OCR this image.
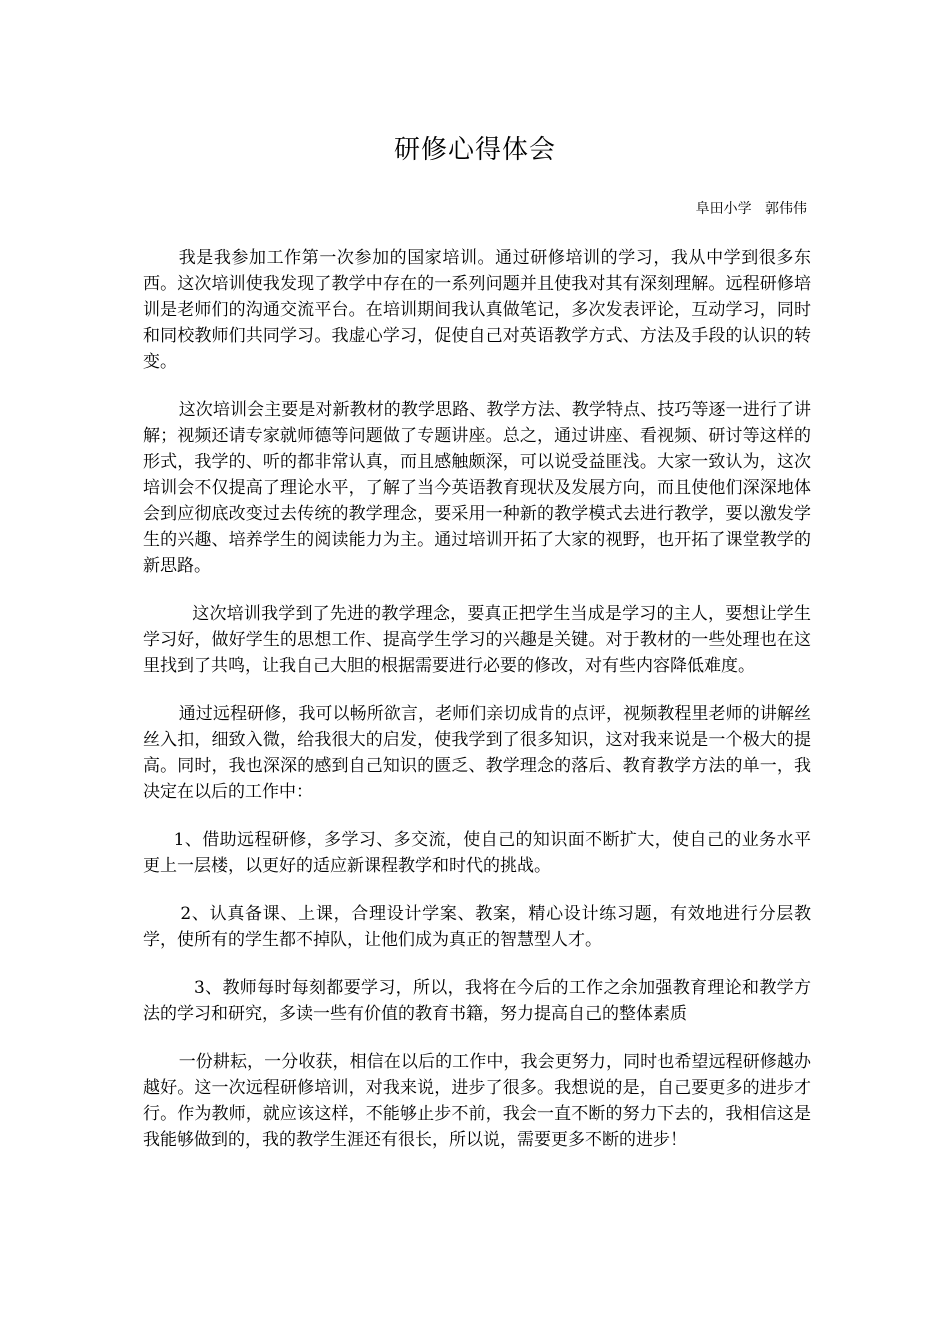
研修心得体会
阜田小学   郭伟伟

我是我参加工作第一次参加的国家培训。通过研修培训的学习，我从中学到很多东西。这次培训使我发现了教学中存在的一系列问题并且使我对其有深刻理解。远程研修培训是老师们的沟通交流平台。在培训期间我认真做笔记，多次发表评论，互动学习，同时和同校教师们共同学习。我虚心学习，促使自己对英语教学方式、方法及手段的认识的转变。

这次培训会主要是对新教材的教学思路、教学方法、教学特点、技巧等逐一进行了讲解；视频还请专家就师德等问题做了专题讲座。总之，通过讲座、看视频、研讨等这样的形式，我学的、听的都非常认真，而且感触颇深，可以说受益匪浅。大家一致认为，这次培训会不仅提高了理论水平，了解了当今英语教育现状及发展方向，而且使他们深深地体会到应彻底改变过去传统的教学理念，要采用一种新的教学模式去进行教学，要以激发学生的兴趣、培养学生的阅读能力为主。通过培训开拓了大家的视野，也开拓了课堂教学的新思路。

这次培训我学到了先进的教学理念，要真正把学生当成是学习的主人，要想让学生学习好，做好学生的思想工作、提高学生学习的兴趣是关键。对于教材的一些处理也在这里找到了共鸣，让我自己大胆的根据需要进行必要的修改，对有些内容降低难度。

通过远程研修，我可以畅所欲言，老师们亲切成肯的点评，视频教程里老师的讲解丝丝入扣，细致入微，给我很大的启发，使我学到了很多知识，这对我来说是一个极大的提高。同时，我也深深的感到自己知识的匮乏、教学理念的落后、教育教学方法的单一，我决定在以后的工作中：

1、借助远程研修，多学习、多交流，使自己的知识面不断扩大，使自己的业务水平更上一层楼，以更好的适应新课程教学和时代的挑战。

2、认真备课、上课，合理设计学案、教案，精心设计练习题，有效地进行分层教学，使所有的学生都不掉队，让他们成为真正的智慧型人才。

3、教师每时每刻都要学习，所以，我将在今后的工作之余加强教育理论和教学方法的学习和研究，多读一些有价值的教育书籍，努力提高自己的整体素质

一份耕耘，一分收获，相信在以后的工作中，我会更努力，同时也希望远程研修越办越好。这一次远程研修培训，对我来说，进步了很多。我想说的是，自己要更多的进步才行。作为教师，就应该这样，不能够止步不前，我会一直不断的努力下去的，我相信这是我能够做到的，我的教学生涯还有很长，所以说，需要更多不断的进步！
